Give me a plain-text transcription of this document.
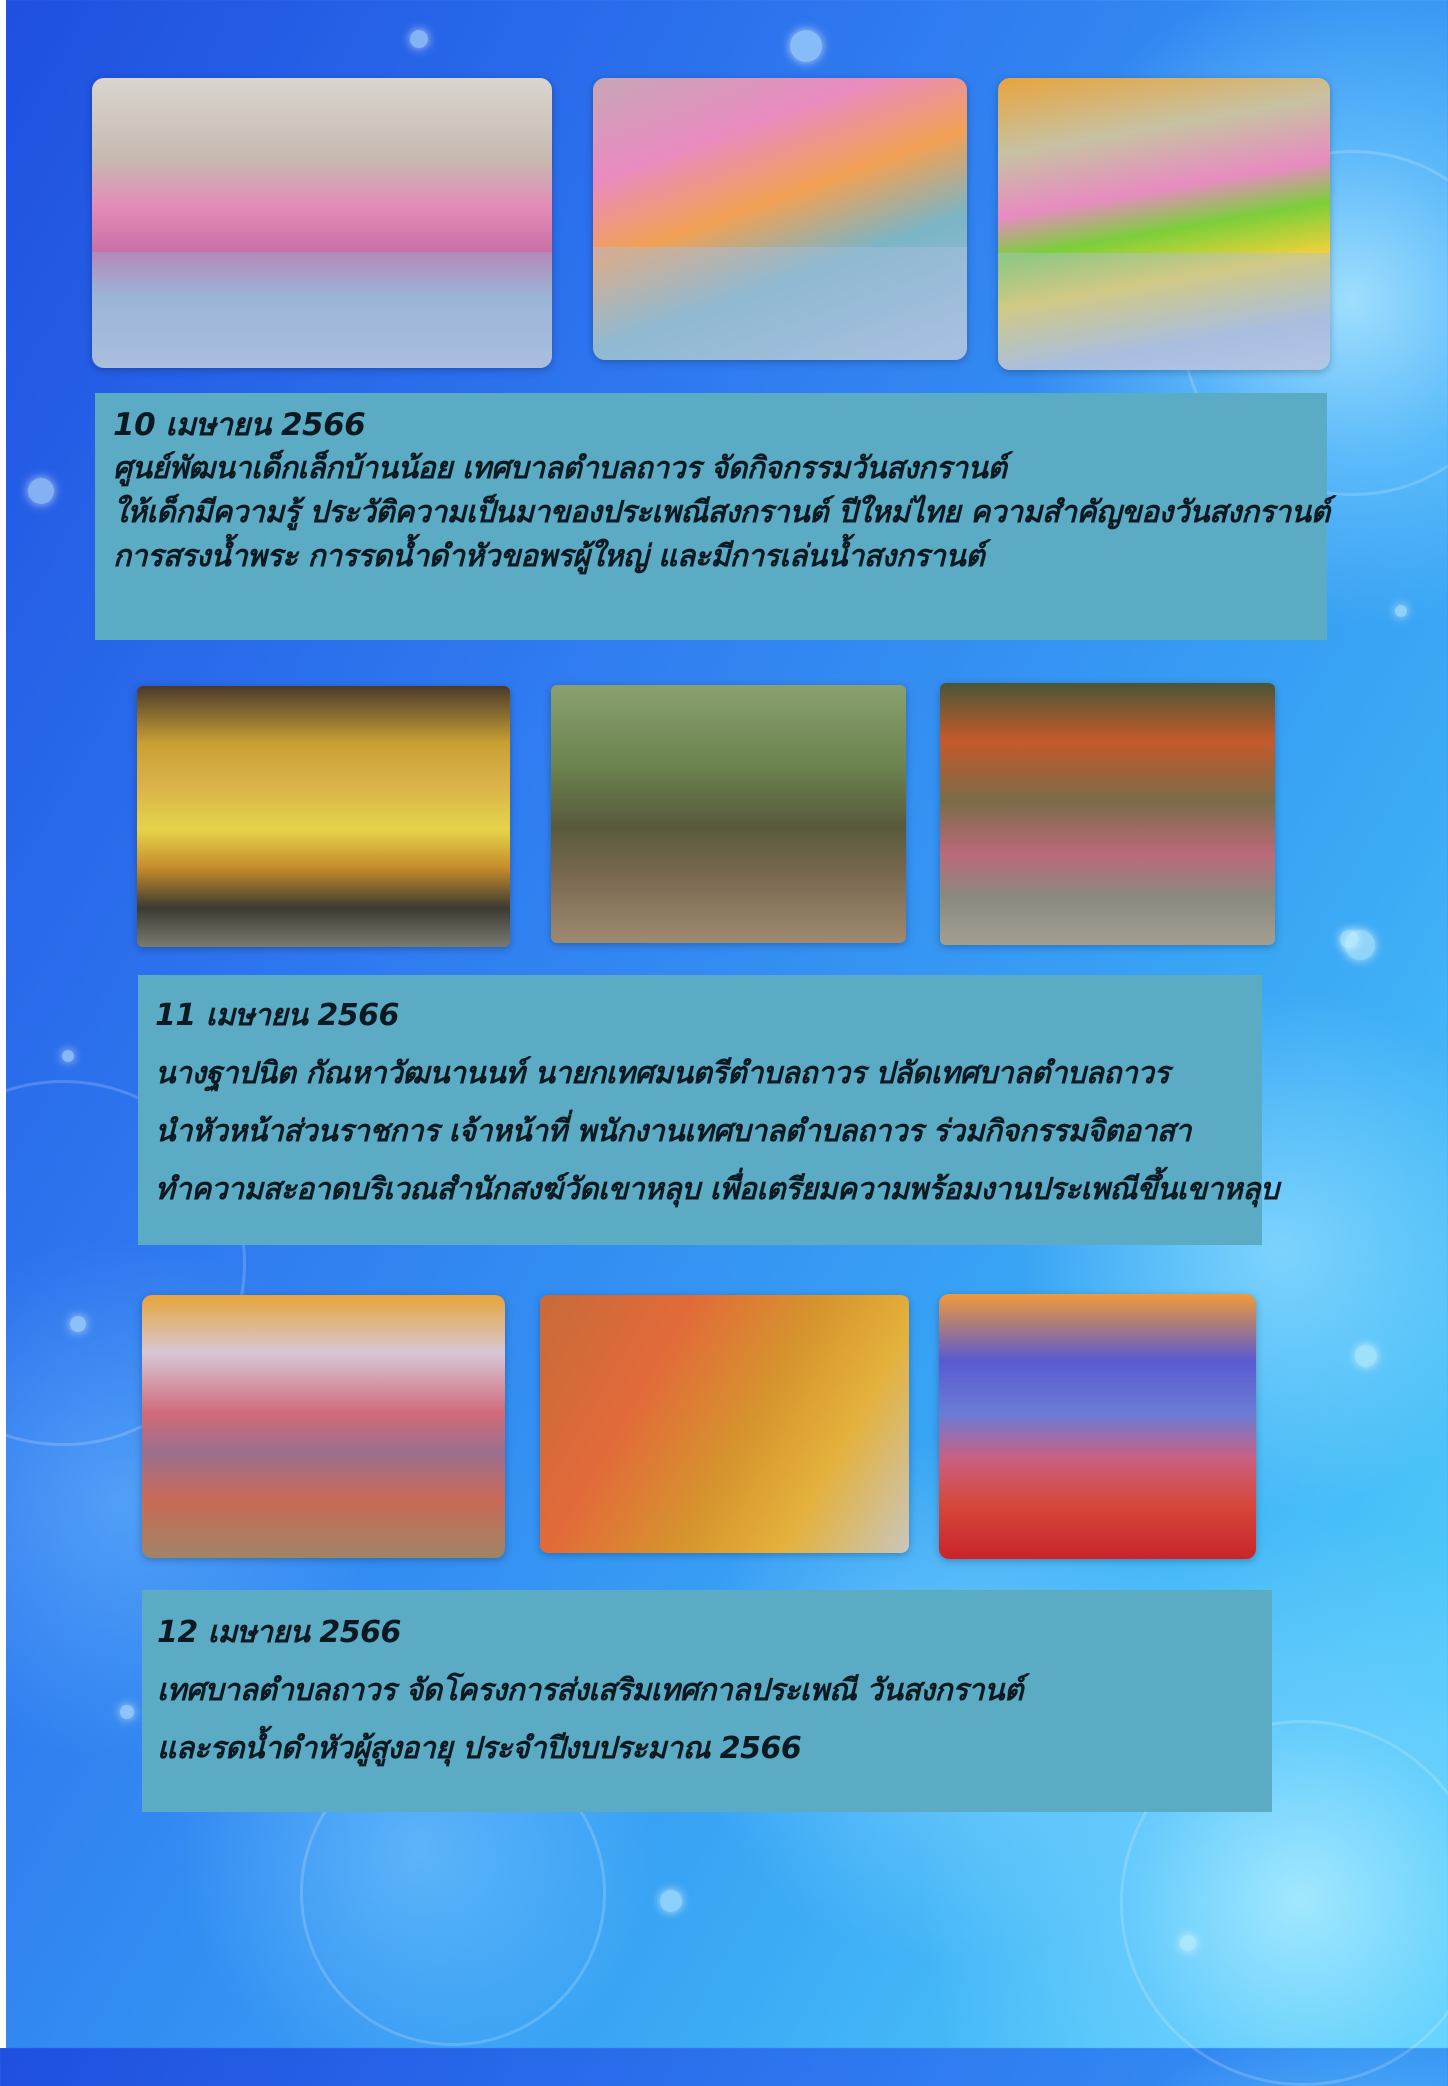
10 เมษายน 2566
ศูนย์พัฒนาเด็กเล็กบ้านน้อย เทศบาลตำบลถาวร จัดกิจกรรมวันสงกรานต์
ให้เด็กมีความรู้ ประวัติความเป็นมาของประเพณีสงกรานต์ ปีใหม่ไทย ความสำคัญของวันสงกรานต์
การสรงน้ำพระ การรดน้ำดำหัวขอพรผู้ใหญ่ และมีการเล่นน้ำสงกรานต์
11 เมษายน 2566
นางฐาปนิต กัณหาวัฒนานนท์ นายกเทศมนตรีตำบลถาวร ปลัดเทศบาลตำบลถาวร
นำหัวหน้าส่วนราชการ เจ้าหน้าที่ พนักงานเทศบาลตำบลถาวร ร่วมกิจกรรมจิตอาสา
ทำความสะอาดบริเวณสำนักสงฆ์วัดเขาหลุบ เพื่อเตรียมความพร้อมงานประเพณีขึ้นเขาหลุบ
12 เมษายน 2566
เทศบาลตำบลถาวร จัดโครงการส่งเสริมเทศกาลประเพณี วันสงกรานต์
และรดน้ำดำหัวผู้สูงอายุ ประจำปีงบประมาณ 2566
